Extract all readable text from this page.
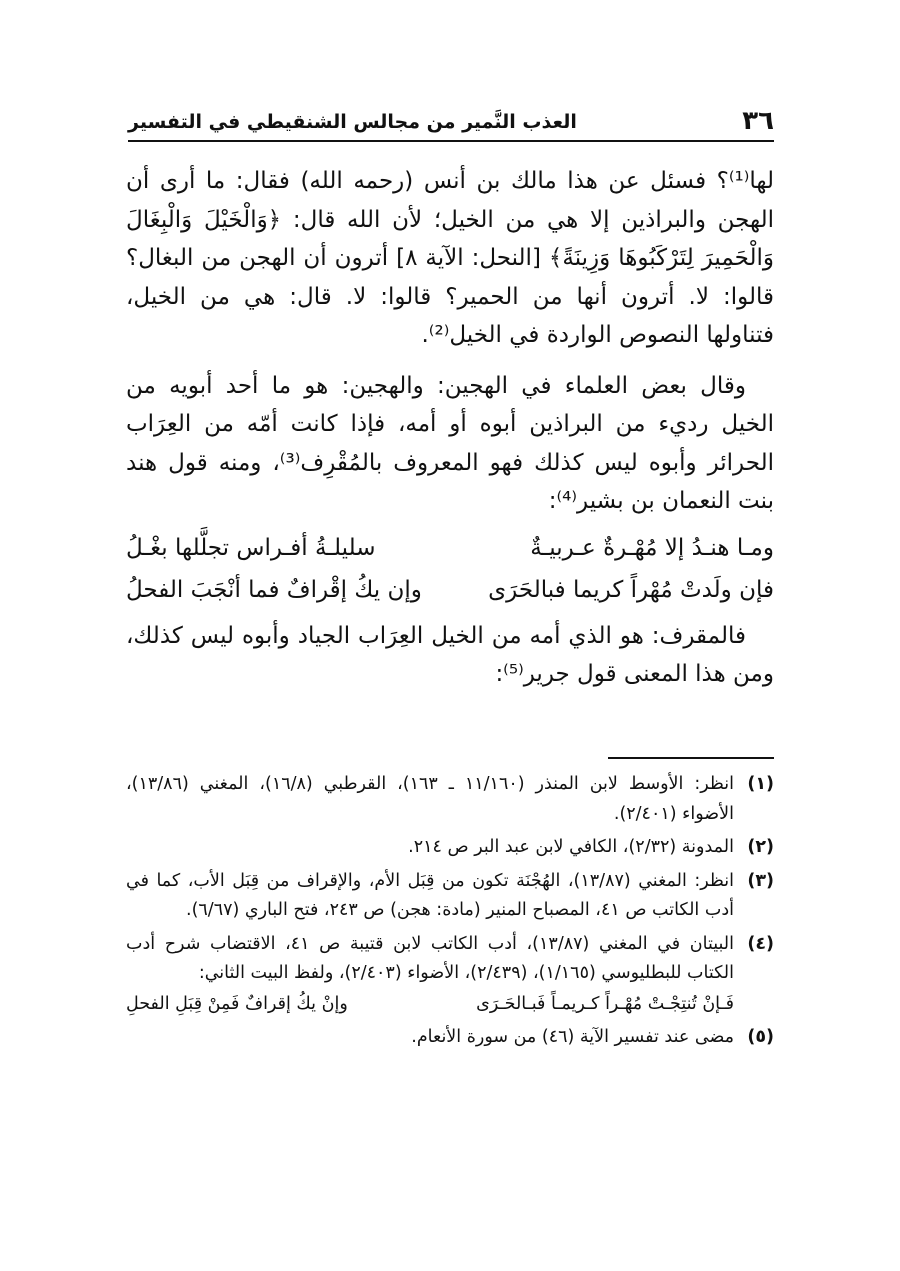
٣٦
العذب النَّمير من مجالس الشنقيطي في التفسير

لها⁽¹⁾؟ فسئل عن هذا مالك بن أنس (رحمه الله) فقال: ما أرى أن الهجن والبراذين إلا هي من الخيل؛ لأن الله قال: ﴿وَالْخَيْلَ وَالْبِغَالَ وَالْحَمِيرَ لِتَرْكَبُوهَا وَزِينَةً﴾ [النحل: الآية ٨] أترون أن الهجن من البغال؟ قالوا: لا. أترون أنها من الحمير؟ قالوا: لا. قال: هي من الخيل، فتناولها النصوص الواردة في الخيل⁽²⁾.

وقال بعض العلماء في الهجين: والهجين: هو ما أحد أبويه من الخيل رديء من البراذين أبوه أو أمه، فإذا كانت أمّه من العِرَاب الحرائر وأبوه ليس كذلك فهو المعروف بالمُقْرِف⁽³⁾، ومنه قول هند بنت النعمان بن بشير⁽⁴⁾:

ومـا هنـدُ إلا مُهْـرةٌ عـربيـةٌ
سليلـةُ أفـراس تجلَّلها بغْـلُ
فإن ولَدتْ مُهْراً كريما فبالحَرَى
وإن يكُ إقْرافٌ فما أنْجَبَ الفحلُ

فالمقرف: هو الذي أمه من الخيل العِرَاب الجياد وأبوه ليس كذلك، ومن هذا المعنى قول جرير⁽⁵⁾:

(١)
انظر: الأوسط لابن المنذر (١١/١٦٠ ـ ١٦٣)، القرطبي (١٦/٨)، المغني (١٣/٨٦)، الأضواء (٢/٤٠١).
(٢)
المدونة (٢/٣٢)، الكافي لابن عبد البر ص ٢١٤.
(٣)
انظر: المغني (١٣/٨٧)، الهُجْنَة تكون من قِبَل الأم، والإقراف من قِبَل الأب، كما في أدب الكاتب ص ٤١، المصباح المنير (مادة: هجن) ص ٢٤٣، فتح الباري (٦/٦٧).
(٤)
البيتان في المغني (١٣/٨٧)، أدب الكاتب لابن قتيبة ص ٤١، الاقتضاب شرح أدب الكتاب للبطليوسي (١/١٦٥)، (٢/٤٣٩)، الأضواء (٢/٤٠٣)، ولفظ البيت الثاني:
فَـإنْ تُنتِجْـتْ مُهْـراً كـريمـاً فَبـالحَـرَى
وإنْ يكُ إقرافٌ فَمِنْ قِبَلِ الفحلِ
(٥)
مضى عند تفسير الآية (٤٦) من سورة الأنعام.
